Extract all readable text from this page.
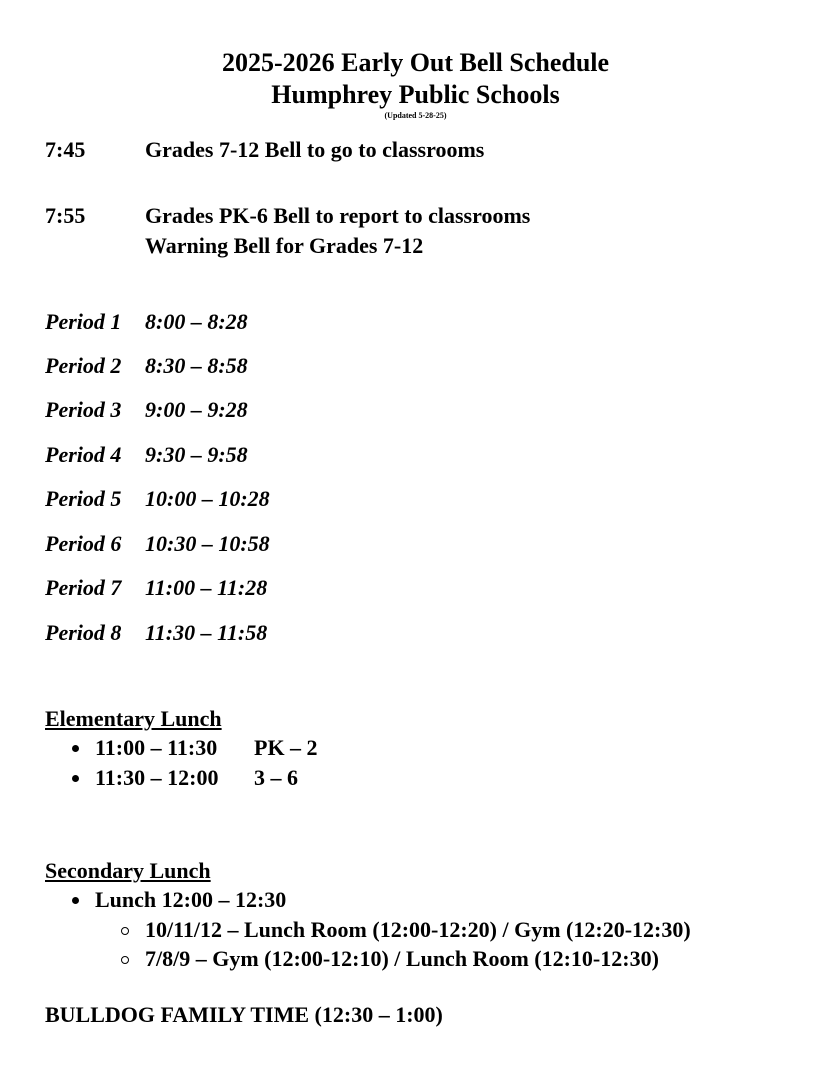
2025-2026 Early Out Bell Schedule
Humphrey Public Schools
(Updated 5-28-25)
7:45	Grades 7-12 Bell to go to classrooms
7:55	Grades PK-6 Bell to report to classrooms
Warning Bell for Grades 7-12
Period 1 8:00 – 8:28
Period 2 8:30 – 8:58
Period 3 9:00 – 9:28
Period 4 9:30 – 9:58
Period 5 10:00 – 10:28
Period 6 10:30 – 10:58
Period 7 11:00 – 11:28
Period 8 11:30 – 11:58
Elementary Lunch
11:00 – 11:30 PK – 2
11:30 – 12:00 3 – 6
Secondary Lunch
Lunch 12:00 – 12:30
10/11/12 – Lunch Room (12:00-12:20) / Gym (12:20-12:30)
7/8/9 – Gym (12:00-12:10) / Lunch Room (12:10-12:30)
BULLDOG FAMILY TIME (12:30 – 1:00)
